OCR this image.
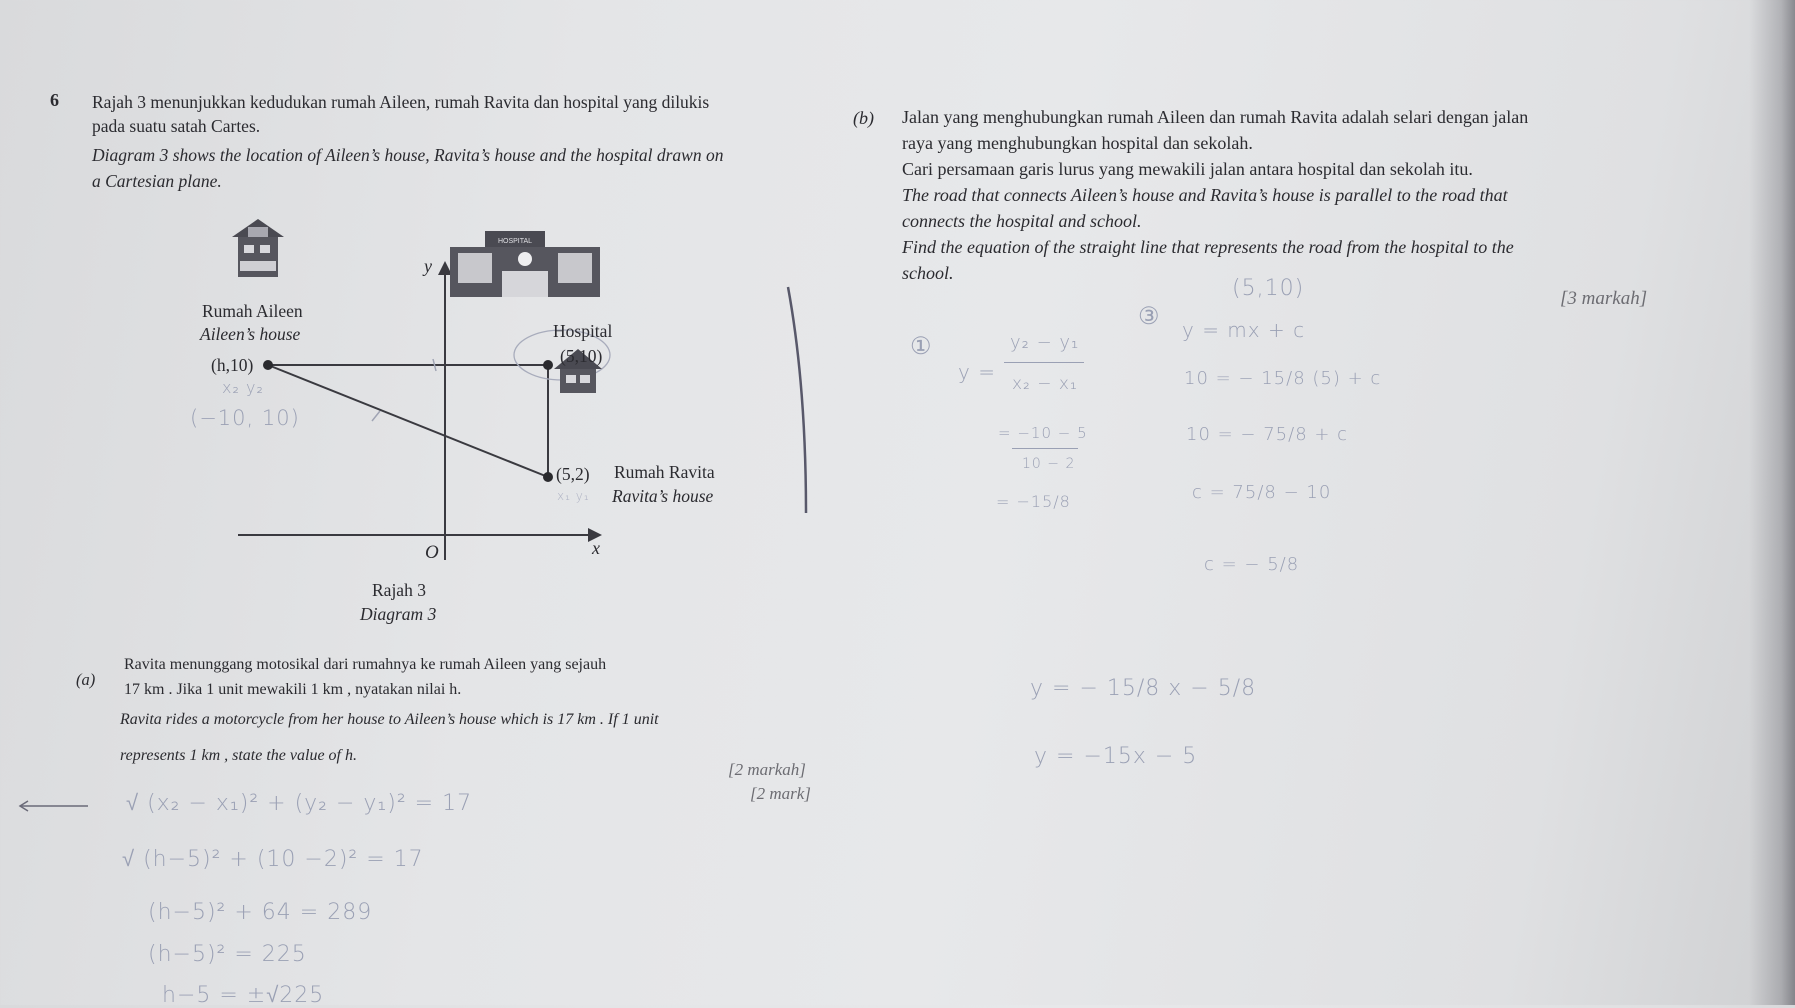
6 Rajah 3 menunjukkan kedudukan rumah Aileen, rumah Ravita dan hospital yang dilukis
pada suatu satah Cartes.
Diagram 3 shows the location of Aileen’s house, Ravita’s house and the hospital drawn on
a Cartesian plane.
HOSPITAL
y
x
O
Rumah Aileen
Aileen’s house
(h,10)
Hospital
(5,10)
(5,2) Rumah Ravita
Ravita’s house
Rajah 3
Diagram 3
x₂ y₂
(−10, 10)
x₁ y₁
(b) Jalan yang menghubungkan rumah Aileen dan rumah Ravita adalah selari dengan jalan
raya yang menghubungkan hospital dan sekolah.
Cari persamaan garis lurus yang mewakili jalan antara hospital dan sekolah itu.
The road that connects Aileen’s house and Ravita’s house is parallel to the road that
connects the hospital and school.
Find the equation of the straight line that represents the road from the hospital to the
school.
[3 markah]
(5,10)
①
③ y = mx + c
y =
y₂ − y₁
x₂ − x₁
= −10 − 5
10 − 2
= −15/8
10 = − 15/8 (5) + c
10 = − 75/8 + c
c = 75/8 − 10
c = − 5/8
y = − 15/8 x − 5/8
y = −15x − 5
(a)
Ravita menunggang motosikal dari rumahnya ke rumah Aileen yang sejauh
17 km . Jika 1 unit mewakili 1 km , nyatakan nilai h.
Ravita rides a motorcycle from her house to Aileen’s house which is 17 km . If 1 unit
represents 1 km , state the value of h.
[2 markah]
[2 mark]
√ (x₂ − x₁)² + (y₂ − y₁)² = 17
√ (h−5)² + (10 −2)² = 17
(h−5)² + 64 = 289
(h−5)² = 225
h−5 = ±√225
